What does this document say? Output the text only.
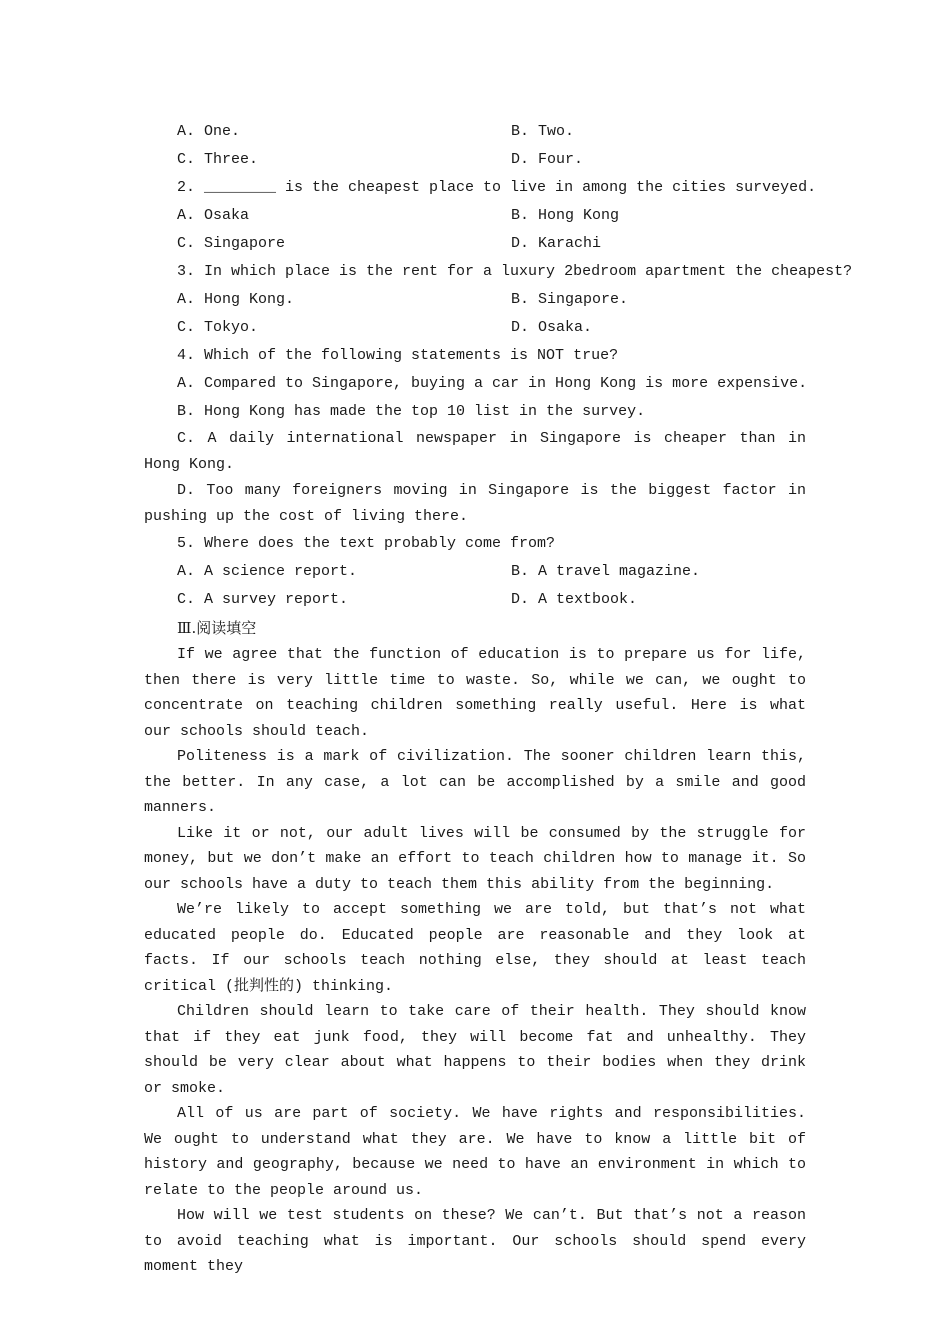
A. One.	B. Two.
C. Three.	D. Four.
2. ________ is the cheapest place to live in among the cities surveyed.
A. Osaka	B. Hong Kong
C. Singapore	D. Karachi
3. In which place is the rent for a luxury 2bedroom apartment the cheapest?
A. Hong Kong.	B. Singapore.
C. Tokyo.	D. Osaka.
4. Which of the following statements is NOT true?
A. Compared to Singapore, buying a car in Hong Kong is more expensive.
B. Hong Kong has made the top 10 list in the survey.

C. A daily international newspaper in Singapore is cheaper than in Hong Kong.

D. Too many foreigners moving in Singapore is the biggest factor in pushing up the cost of living there.

5. Where does the text probably come from?
A. A science report.	B. A travel magazine.
C. A survey report.	D. A textbook.
Ⅲ.阅读填空

If we agree that the function of education is to prepare us for life, then there is very little time to waste. So, while we can, we ought to concentrate on teaching children something really useful. Here is what our schools should teach.

Politeness is a mark of civilization. The sooner children learn this, the better. In any case, a lot can be accomplished by a smile and good manners.

Like it or not, our adult lives will be consumed by the struggle for money, but we don’t make an effort to teach children how to manage it. So our schools have a duty to teach them this ability from the beginning.

We’re likely to accept something we are told, but that’s not what educated people do. Educated people are reasonable and they look at facts. If our schools teach nothing else, they should at least teach critical (批判性的) thinking.

Children should learn to take care of their health. They should know that if they eat junk food, they will become fat and unhealthy. They should be very clear about what happens to their bodies when they drink or smoke.

All of us are part of society. We have rights and responsibilities. We ought to understand what they are. We have to know a little bit of history and geography, because we need to have an environment in which to relate to the people around us.

How will we test students on these? We can’t. But that’s not a reason to avoid teaching what is important. Our schools should spend every moment they
